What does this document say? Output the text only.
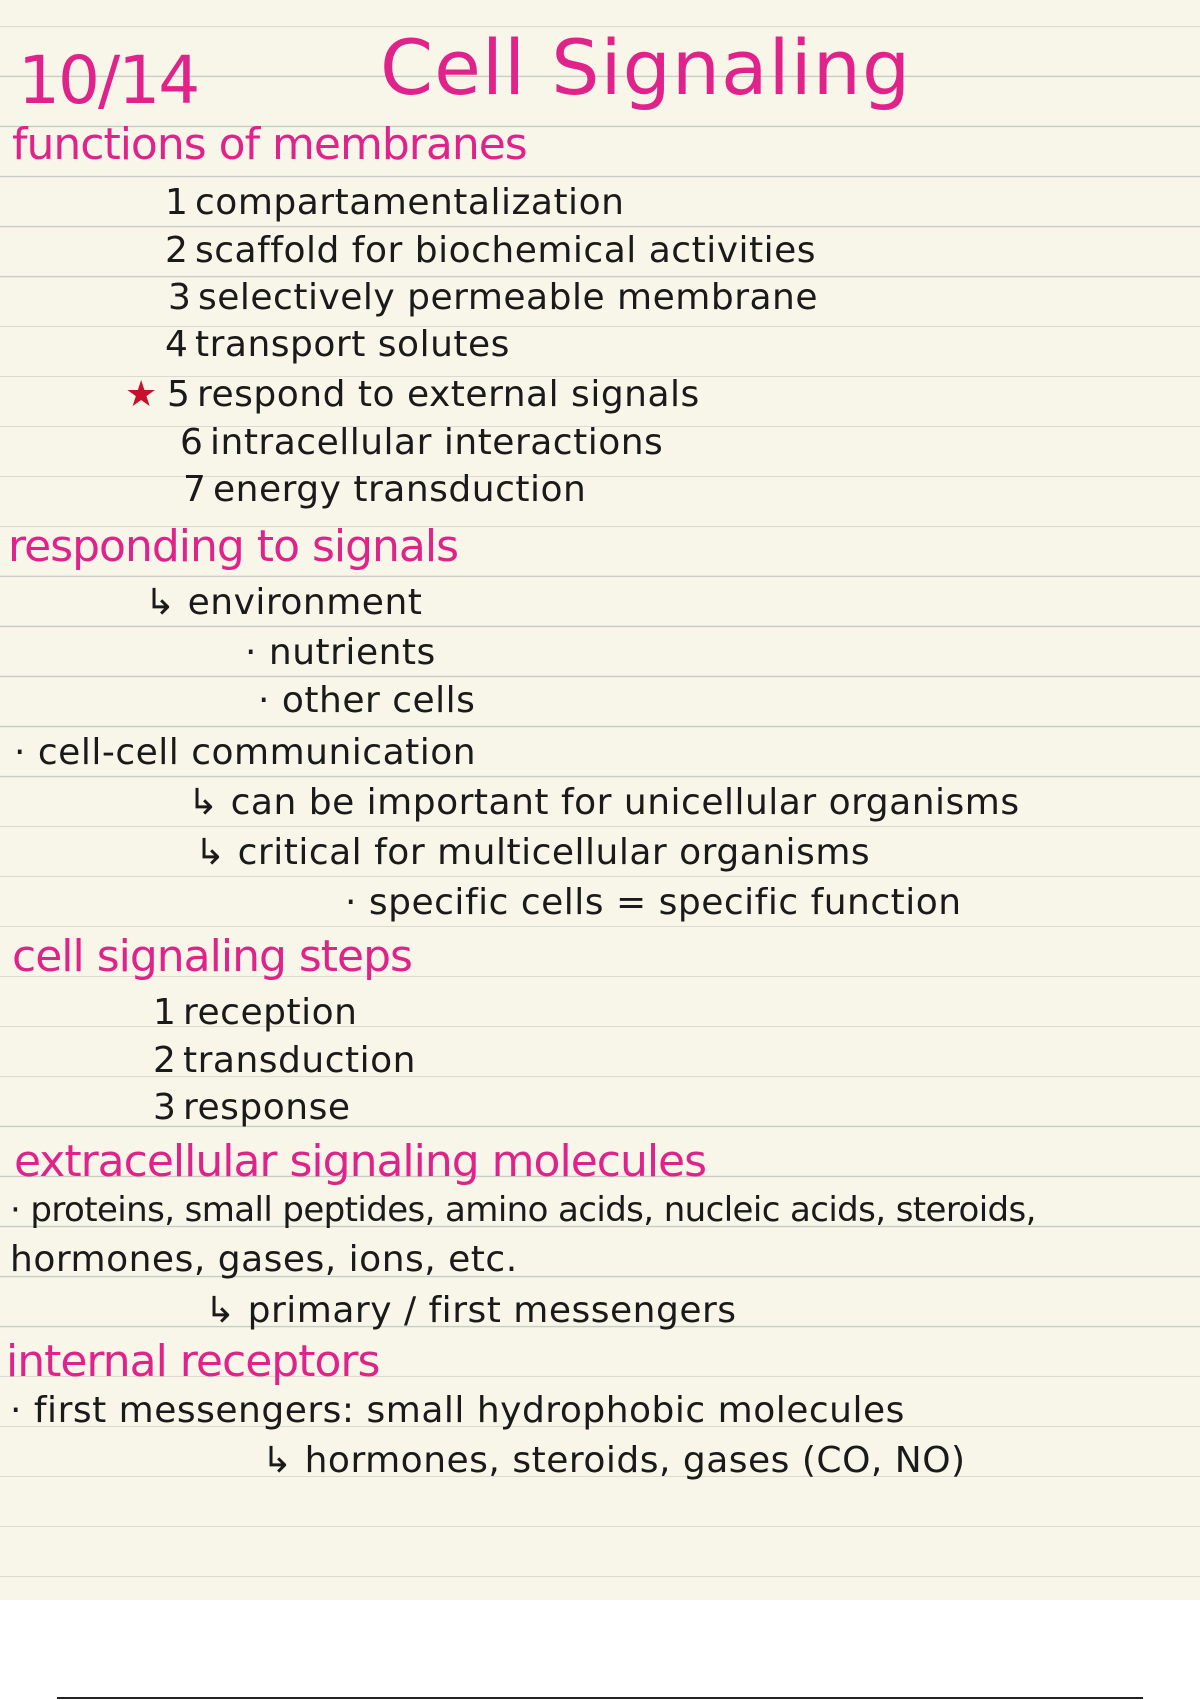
10/14 Cell Signaling
functions of membranes
1 compartamentalization
2 scaffold for biochemical activities
3 selectively permeable membrane
4 transport solutes
★ 5 respond to external signals
6 intracellular interactions
7 energy transduction
responding to signals
↳ environment
· nutrients
· other cells
· cell-cell communication
↳ can be important for unicellular organisms
↳ critical for multicellular organisms
· specific cells = specific function
cell signaling steps
1 reception
2 transduction
3 response
extracellular signaling molecules
· proteins, small peptides, amino acids, nucleic acids, steroids,
hormones, gases, ions, etc.
↳ primary / first messengers
internal receptors
· first messengers: small hydrophobic molecules
↳ hormones, steroids, gases (CO, NO)
